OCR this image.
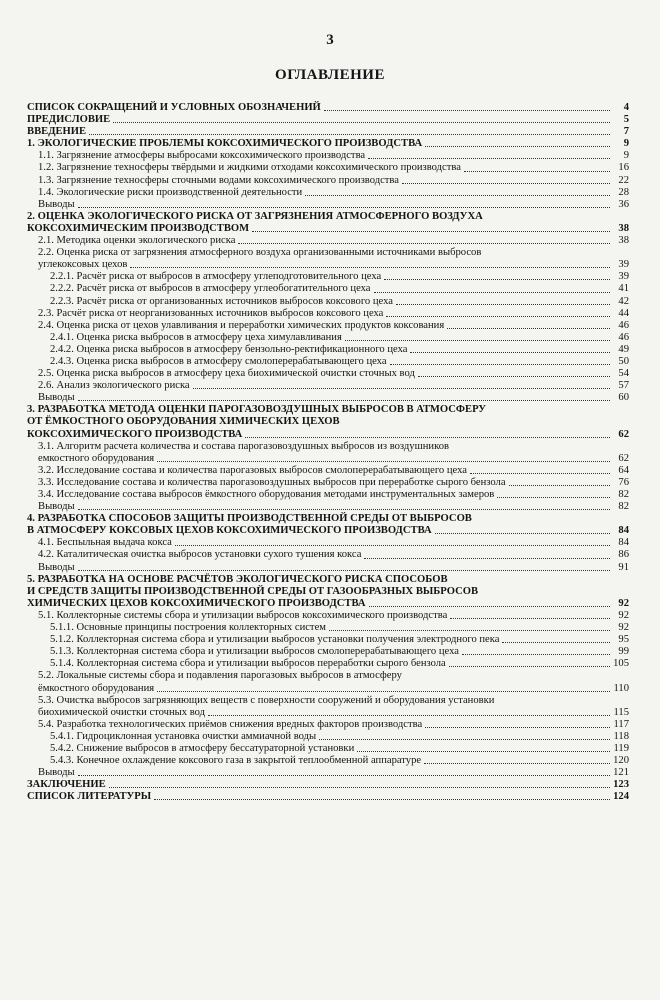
3
ОГЛАВЛЕНИЕ
СПИСОК СОКРАЩЕНИЙ И УСЛОВНЫХ ОБОЗНАЧЕНИЙ	4
ПРЕДИСЛОВИЕ	5
ВВЕДЕНИЕ	7
1. ЭКОЛОГИЧЕСКИЕ ПРОБЛЕМЫ КОКСОХИМИЧЕСКОГО ПРОИЗВОДСТВА	9
1.1. Загрязнение атмосферы выбросами коксохимического производства	9
1.2. Загрязнение техносферы твёрдыми и жидкими отходами коксохимического производства	16
1.3. Загрязнение техносферы сточными водами коксохимического производства	22
1.4. Экологические риски производственной деятельности	28
Выводы	36
2. ОЦЕНКА ЭКОЛОГИЧЕСКОГО РИСКА ОТ ЗАГРЯЗНЕНИЯ АТМОСФЕРНОГО ВОЗДУХА
КОКСОХИМИЧЕСКИМ ПРОИЗВОДСТВОМ	38
2.1. Методика оценки экологического риска	38
2.2. Оценка риска от загрязнения атмосферного воздуха организованными источниками выбросов
углекоксовых цехов	39
2.2.1. Расчёт риска от выбросов в атмосферу углеподготовительного цеха	39
2.2.2. Расчёт риска от выбросов в атмосферу углеобогатительного цеха	41
2.2.3. Расчёт риска от организованных источников выбросов коксового цеха	42
2.3. Расчёт риска от неорганизованных источников выбросов коксового цеха	44
2.4. Оценка риска от цехов улавливания и переработки химических продуктов коксования	46
2.4.1. Оценка риска выбросов в атмосферу цеха химулавливания	46
2.4.2. Оценка риска выбросов в атмосферу бензольно-ректификационного цеха	49
2.4.3. Оценка риска выбросов в атмосферу смолоперерабатывающего цеха	50
2.5. Оценка риска выбросов в атмосферу цеха биохимической очистки сточных вод	54
2.6. Анализ экологического риска	57
Выводы	60
3. РАЗРАБОТКА МЕТОДА ОЦЕНКИ ПАРОГАЗОВОЗДУШНЫХ ВЫБРОСОВ В АТМОСФЕРУ
ОТ ЁМКОСТНОГО ОБОРУДОВАНИЯ ХИМИЧЕСКИХ ЦЕХОВ
КОКСОХИМИЧЕСКОГО ПРОИЗВОДСТВА	62
3.1. Алгоритм расчета количества и состава парогазовоздушных выбросов из воздушников
емкостного оборудования	62
3.2. Исследование состава и количества парогазовых выбросов смолоперерабатывающего цеха	64
3.3. Исследование состава и количества парогазовоздушных выбросов при переработке сырого бензола	76
3.4. Исследование состава выбросов ёмкостного оборудования методами инструментальных замеров	82
Выводы	82
4. РАЗРАБОТКА СПОСОБОВ ЗАЩИТЫ ПРОИЗВОДСТВЕННОЙ СРЕДЫ ОТ ВЫБРОСОВ
В АТМОСФЕРУ КОКСОВЫХ ЦЕХОВ КОКСОХИМИЧЕСКОГО ПРОИЗВОДСТВА	84
4.1. Беспыльная выдача кокса	84
4.2. Каталитическая очистка выбросов установки сухого тушения кокса	86
Выводы	91
5. РАЗРАБОТКА НА ОСНОВЕ РАСЧЁТОВ ЭКОЛОГИЧЕСКОГО РИСКА СПОСОБОВ
И СРЕДСТВ ЗАЩИТЫ ПРОИЗВОДСТВЕННОЙ СРЕДЫ ОТ ГАЗООБРАЗНЫХ ВЫБРОСОВ
ХИМИЧЕСКИХ ЦЕХОВ КОКСОХИМИЧЕСКОГО ПРОИЗВОДСТВА	92
5.1. Коллекторные системы сбора и утилизации выбросов коксохимического производства	92
5.1.1. Основные принципы построения коллекторных систем	92
5.1.2. Коллекторная система сбора и утилизации выбросов установки получения электродного пека	95
5.1.3. Коллекторная система сбора и утилизации выбросов смолоперерабатывающего цеха	99
5.1.4. Коллекторная система сбора и утилизации выбросов переработки сырого бензола	105
5.2. Локальные системы сбора и подавления парогазовых выбросов в атмосферу
ёмкостного оборудования	110
5.3. Очистка выбросов загрязняющих веществ с поверхности сооружений и оборудования установки
биохимической очистки сточных вод	115
5.4. Разработка технологических приёмов снижения вредных факторов производства	117
5.4.1. Гидроциклонная установка очистки аммиачной воды	118
5.4.2. Снижение выбросов в атмосферу бессатураторной установки	119
5.4.3. Конечное охлаждение коксового газа в закрытой теплообменной аппаратуре	120
Выводы	121
ЗАКЛЮЧЕНИЕ	123
СПИСОК ЛИТЕРАТУРЫ	124
